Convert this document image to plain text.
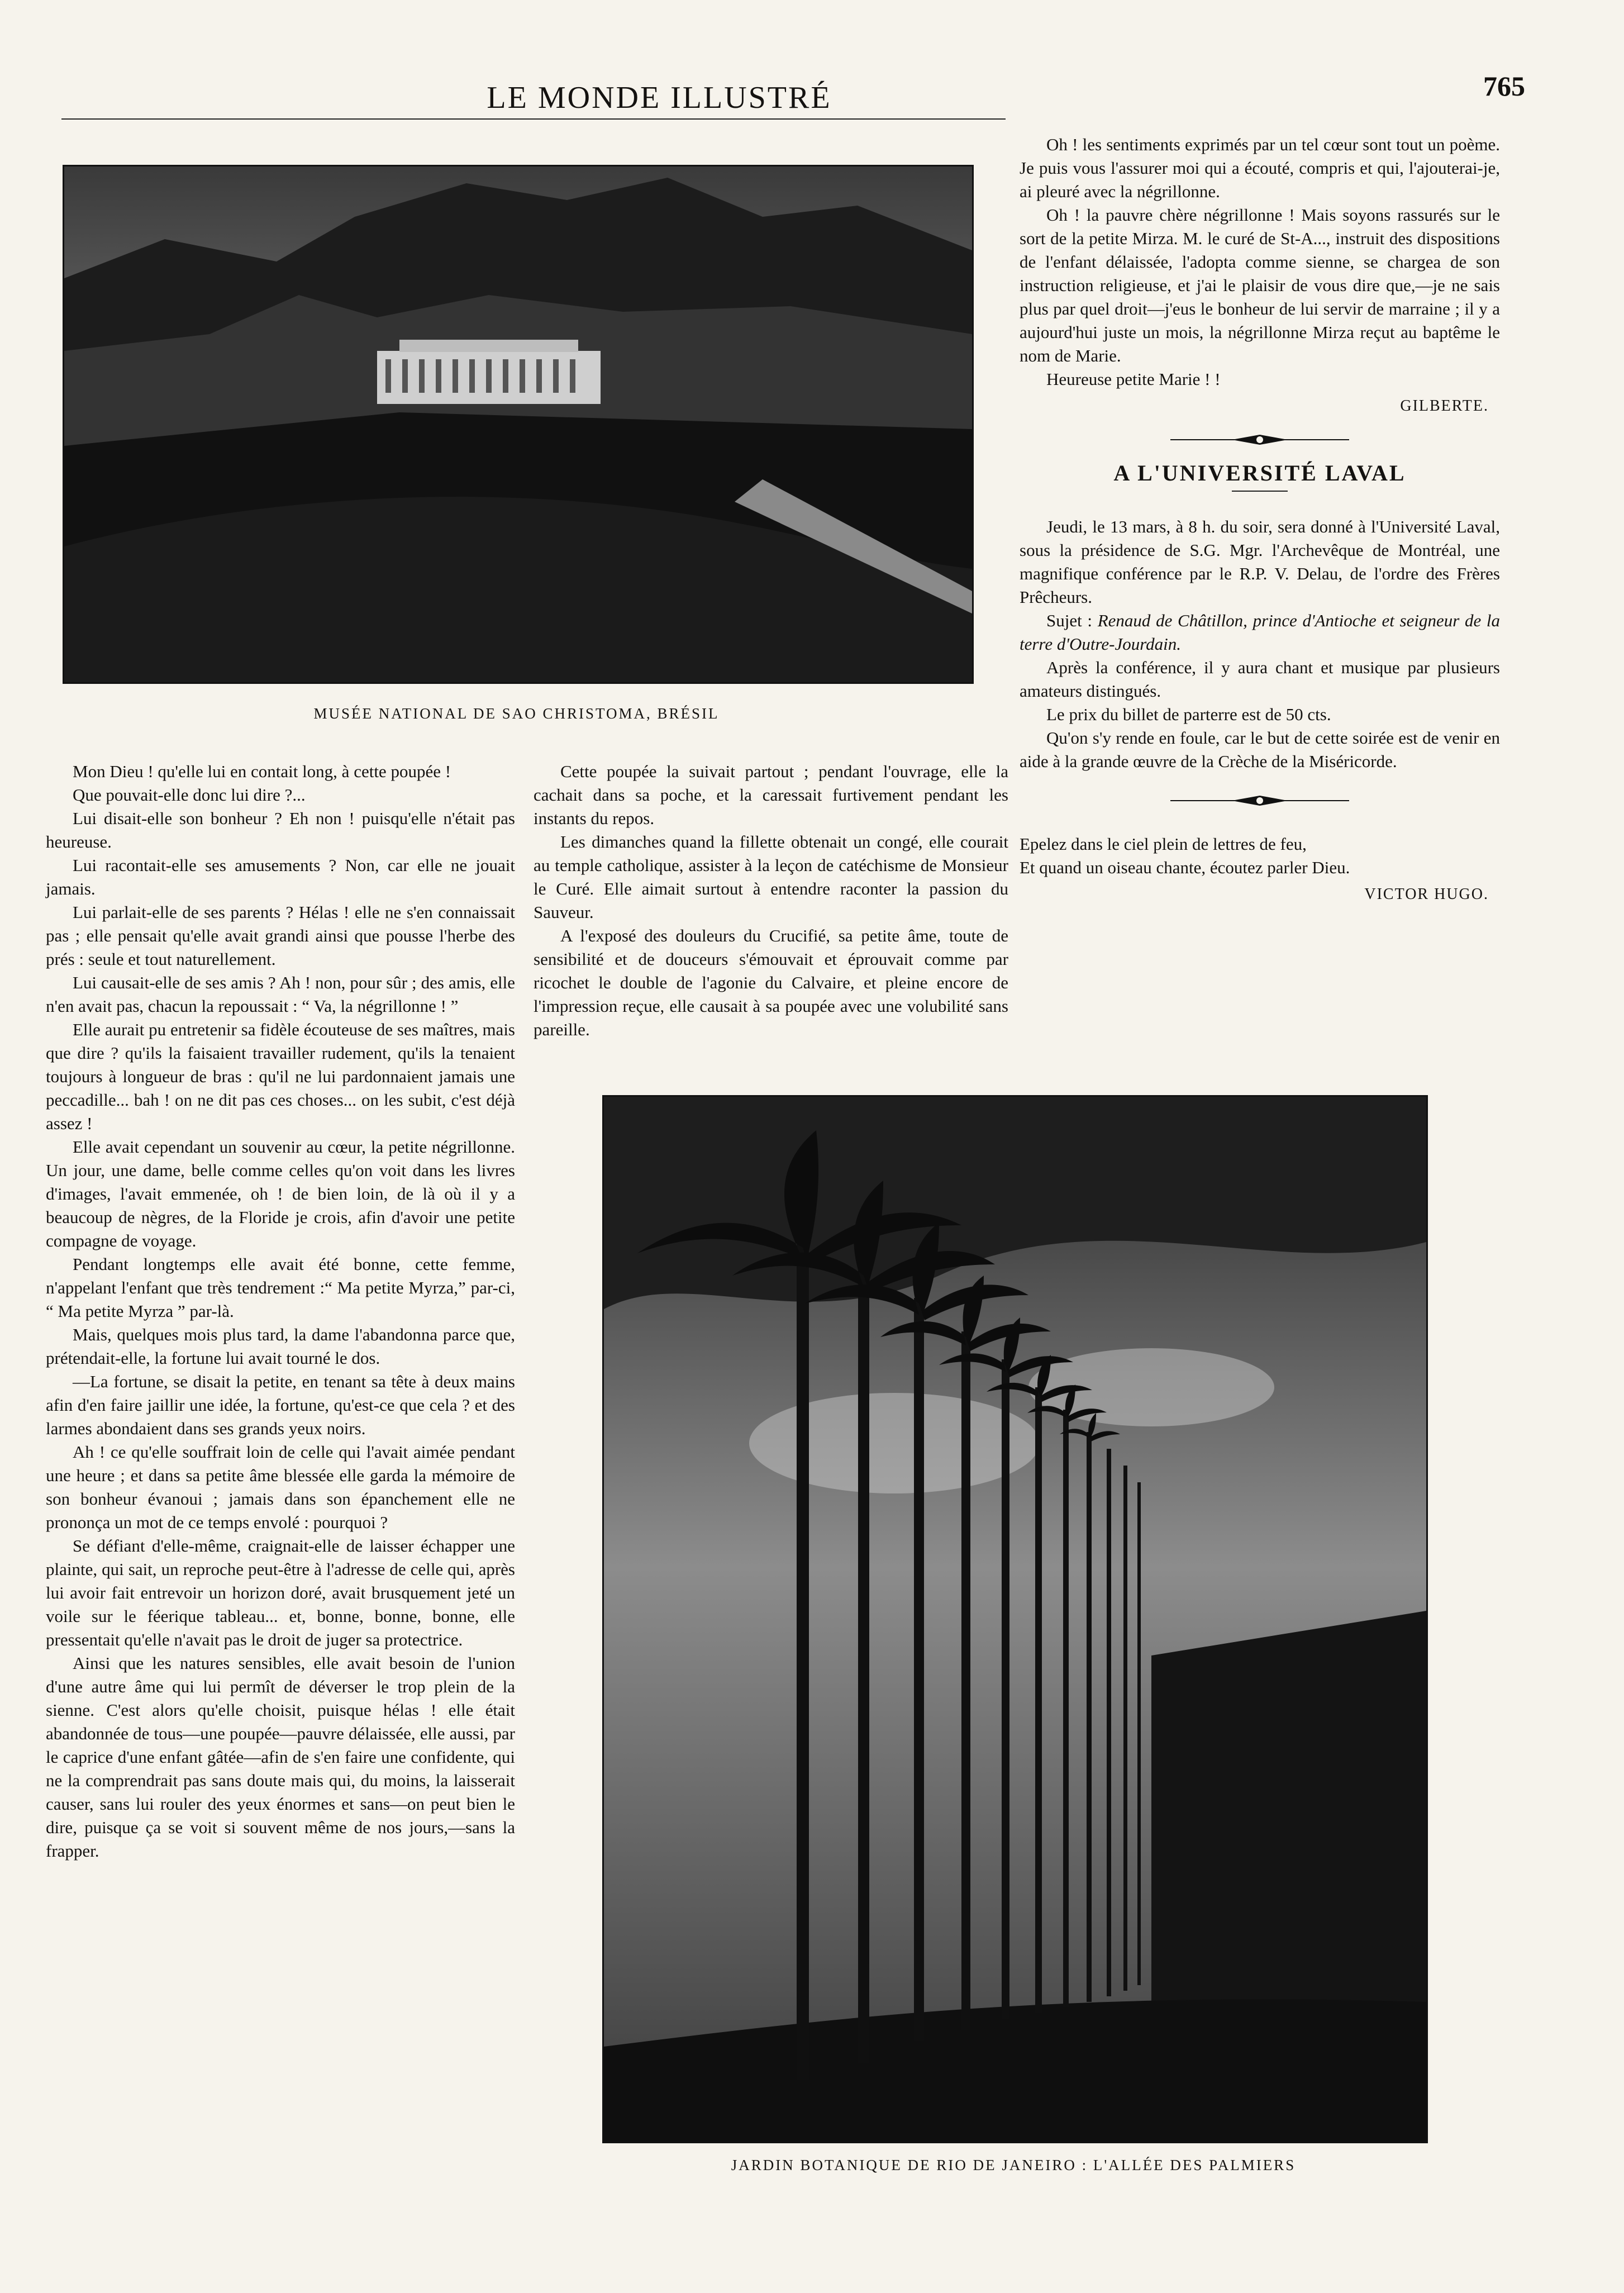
LE MONDE ILLUSTRÉ	765
MUSÉE NATIONAL DE SAO CHRISTOMA, BRÉSIL

Mon Dieu ! qu'elle lui en contait long, à cette poupée !

Que pouvait-elle donc lui dire ?...

Lui disait-elle son bonheur ? Eh non ! puisqu'elle n'était pas heureuse.

Lui racontait-elle ses amusements ? Non, car elle ne jouait jamais.

Lui parlait-elle de ses parents ? Hélas ! elle ne s'en connaissait pas ; elle pensait qu'elle avait grandi ainsi que pousse l'herbe des prés : seule et tout naturellement.

Lui causait-elle de ses amis ? Ah ! non, pour sûr ; des amis, elle n'en avait pas, chacun la repoussait : “ Va, la négrillonne ! ”

Elle aurait pu entretenir sa fidèle écouteuse de ses maîtres, mais que dire ? qu'ils la faisaient travailler rudement, qu'ils la tenaient toujours à longueur de bras : qu'il ne lui pardonnaient jamais une peccadille... bah ! on ne dit pas ces choses... on les subit, c'est déjà assez !

Elle avait cependant un souvenir au cœur, la petite négrillonne. Un jour, une dame, belle comme celles qu'on voit dans les livres d'images, l'avait emmenée, oh ! de bien loin, de là où il y a beaucoup de nègres, de la Floride je crois, afin d'avoir une petite compagne de voyage.

Pendant longtemps elle avait été bonne, cette femme, n'appelant l'enfant que très tendrement :“ Ma petite Myrza,” par-ci, “ Ma petite Myrza ” par-là.

Mais, quelques mois plus tard, la dame l'abandonna parce que, prétendait-elle, la fortune lui avait tourné le dos.

—La fortune, se disait la petite, en tenant sa tête à deux mains afin d'en faire jaillir une idée, la fortune, qu'est-ce que cela ? et des larmes abondaient dans ses grands yeux noirs.

Ah ! ce qu'elle souffrait loin de celle qui l'avait aimée pendant une heure ; et dans sa petite âme blessée elle garda la mémoire de son bonheur évanoui ; jamais dans son épanchement elle ne prononça un mot de ce temps envolé : pourquoi ?

Se défiant d'elle-même, craignait-elle de laisser échapper une plainte, qui sait, un reproche peut-être à l'adresse de celle qui, après lui avoir fait entrevoir un horizon doré, avait brusquement jeté un voile sur le féerique tableau... et, bonne, bonne, bonne, elle pressentait qu'elle n'avait pas le droit de juger sa protectrice.

Ainsi que les natures sensibles, elle avait besoin de l'union d'une autre âme qui lui permît de déverser le trop plein de la sienne. C'est alors qu'elle choisit, puisque hélas ! elle était abandonnée de tous—une poupée—pauvre délaissée, elle aussi, par le caprice d'une enfant gâtée—afin de s'en faire une confidente, qui ne la comprendrait pas sans doute mais qui, du moins, la laisserait causer, sans lui rouler des yeux énormes et sans—on peut bien le dire, puisque ça se voit si souvent même de nos jours,—sans la frapper.

Cette poupée la suivait partout ; pendant l'ouvrage, elle la cachait dans sa poche, et la caressait furtivement pendant les instants du repos.

Les dimanches quand la fillette obtenait un congé, elle courait au temple catholique, assister à la leçon de catéchisme de Monsieur le Curé. Elle aimait surtout à entendre raconter la passion du Sauveur.

A l'exposé des douleurs du Crucifié, sa petite âme, toute de sensibilité et de douceurs s'émouvait et éprouvait comme par ricochet le double de l'agonie du Calvaire, et pleine encore de l'impression reçue, elle causait à sa poupée avec une volubilité sans pareille.

Oh ! les sentiments exprimés par un tel cœur sont tout un poème. Je puis vous l'assurer moi qui a écouté, compris et qui, l'ajouterai-je, ai pleuré avec la négrillonne.

Oh ! la pauvre chère négrillonne ! Mais soyons rassurés sur le sort de la petite Mirza. M. le curé de St-A..., instruit des dispositions de l'enfant délaissée, l'adopta comme sienne, se chargea de son instruction religieuse, et j'ai le plaisir de vous dire que,—je ne sais plus par quel droit—j'eus le bonheur de lui servir de marraine ; il y a aujourd'hui juste un mois, la négrillonne Mirza reçut au baptême le nom de Marie.

Heureuse petite Marie ! !

GILBERTE.
A L'UNIVERSITÉ LAVAL

Jeudi, le 13 mars, à 8 h. du soir, sera donné à l'Université Laval, sous la présidence de S.G. Mgr. l'Archevêque de Montréal, une magnifique conférence par le R.P. V. Delau, de l'ordre des Frères Prêcheurs.

Sujet : Renaud de Châtillon, prince d'Antioche et seigneur de la terre d'Outre-Jourdain.

Après la conférence, il y aura chant et musique par plusieurs amateurs distingués.

Le prix du billet de parterre est de 50 cts.

Qu'on s'y rende en foule, car le but de cette soirée est de venir en aide à la grande œuvre de la Crèche de la Miséricorde.

Epelez dans le ciel plein de lettres de feu,

Et quand un oiseau chante, écoutez parler Dieu.

VICTOR HUGO.
JARDIN BOTANIQUE DE RIO DE JANEIRO : L'ALLÉE DES PALMIERS
